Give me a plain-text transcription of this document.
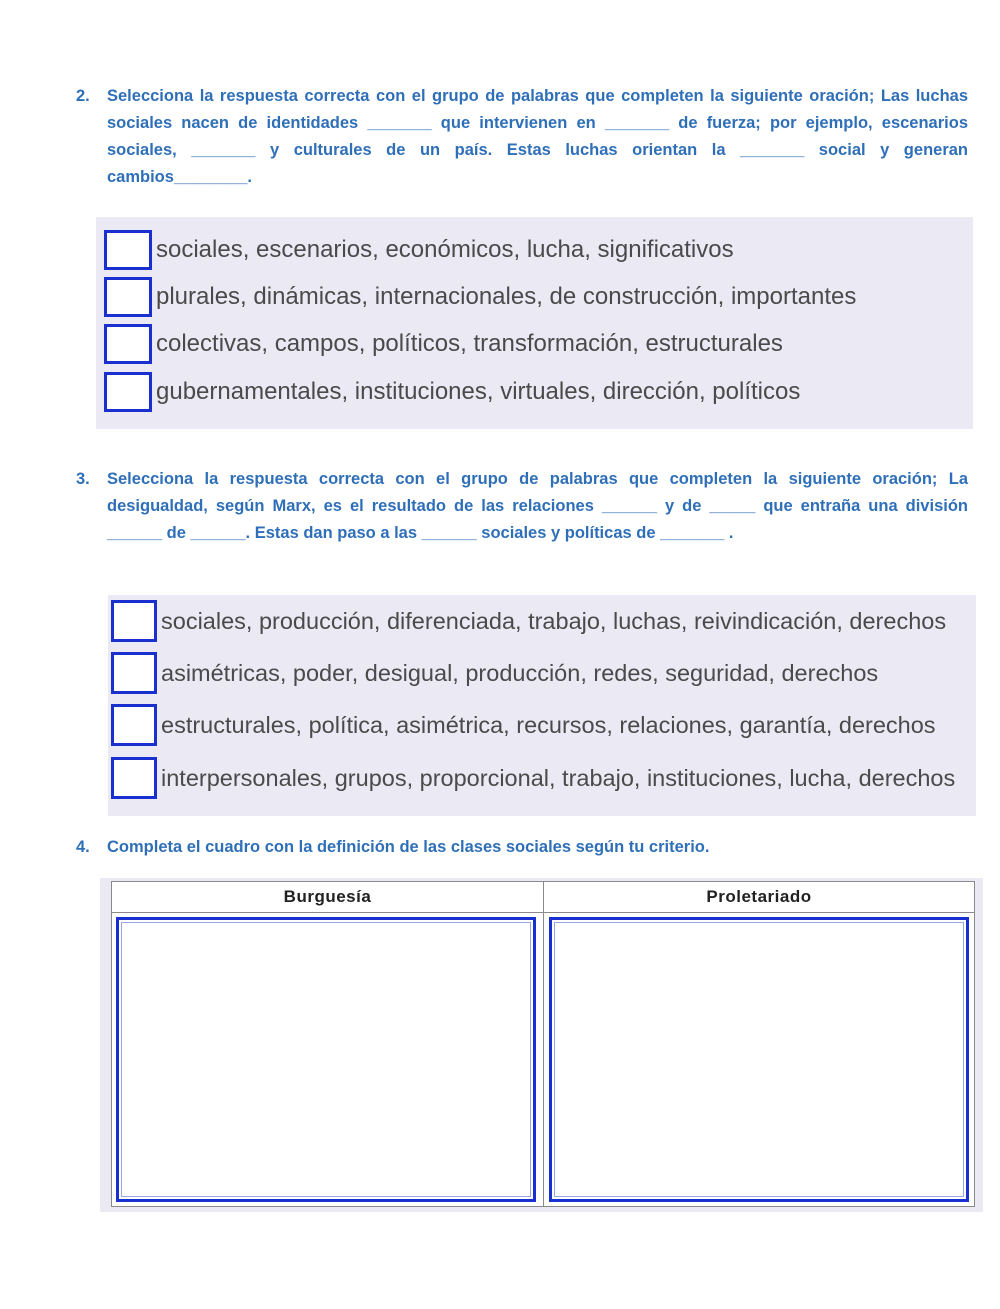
2. Selecciona la respuesta correcta con el grupo de palabras que completen la siguiente oración; Las luchas sociales nacen de identidades _______ que intervienen en _______ de fuerza; por ejemplo, escenarios sociales, _______ y culturales de un país. Estas luchas orientan la _______ social y generan cambios________.
sociales, escenarios, económicos, lucha, significativos
plurales, dinámicas, internacionales, de construcción, importantes
colectivas, campos, políticos, transformación, estructurales
gubernamentales, instituciones, virtuales, dirección, políticos
3. Selecciona la respuesta correcta con el grupo de palabras que completen la siguiente oración; La desigualdad, según Marx, es el resultado de las relaciones ______ y de _____ que entraña una división ______ de ______. Estas dan paso a las ______ sociales y políticas de _______ .
sociales, producción, diferenciada, trabajo, luchas, reivindicación, derechos
asimétricas, poder, desigual, producción, redes, seguridad, derechos
estructurales, política, asimétrica, recursos, relaciones, garantía, derechos
interpersonales, grupos, proporcional, trabajo, instituciones, lucha, derechos
4. Completa el cuadro con la definición de las clases sociales según tu criterio.
Burguesía	Proletariado
